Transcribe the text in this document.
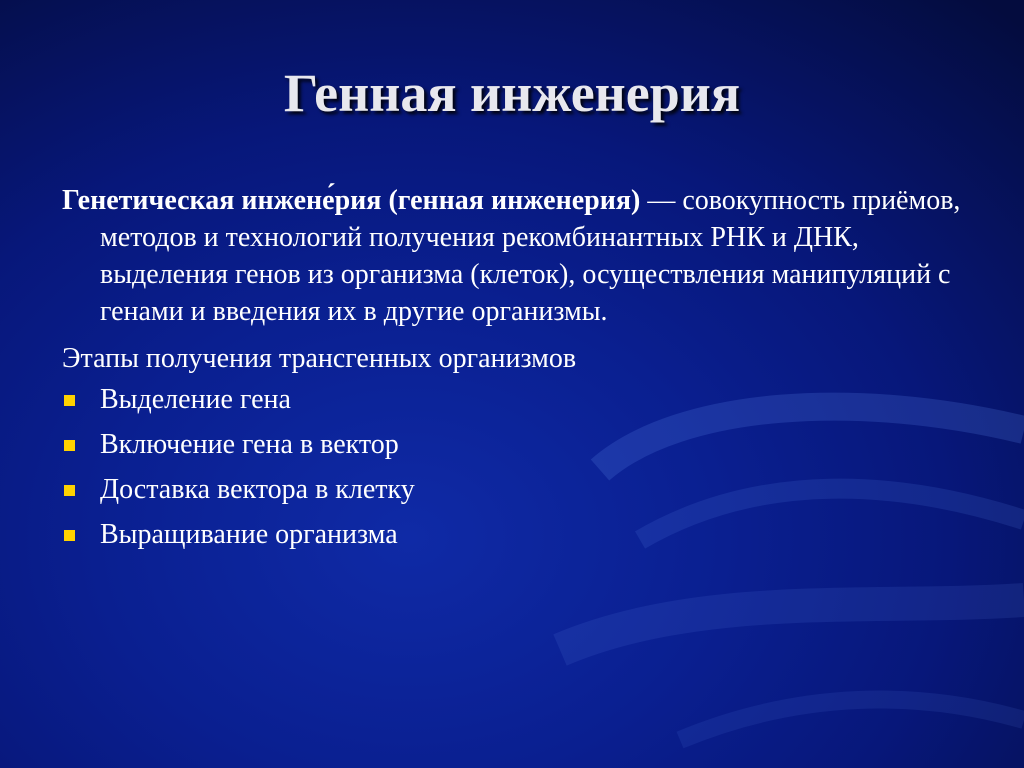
Генная инженерия

Генетическая инжене́рия (генная инженерия) — совокупность приёмов, методов и технологий получения рекомбинантных РНК и ДНК, выделения генов из организма (клеток), осуществления манипуляций с генами и введения их в другие организмы.

Этапы получения трансгенных организмов

Выделение гена
Включение гена в вектор
Доставка вектора в клетку
Выращивание организма
